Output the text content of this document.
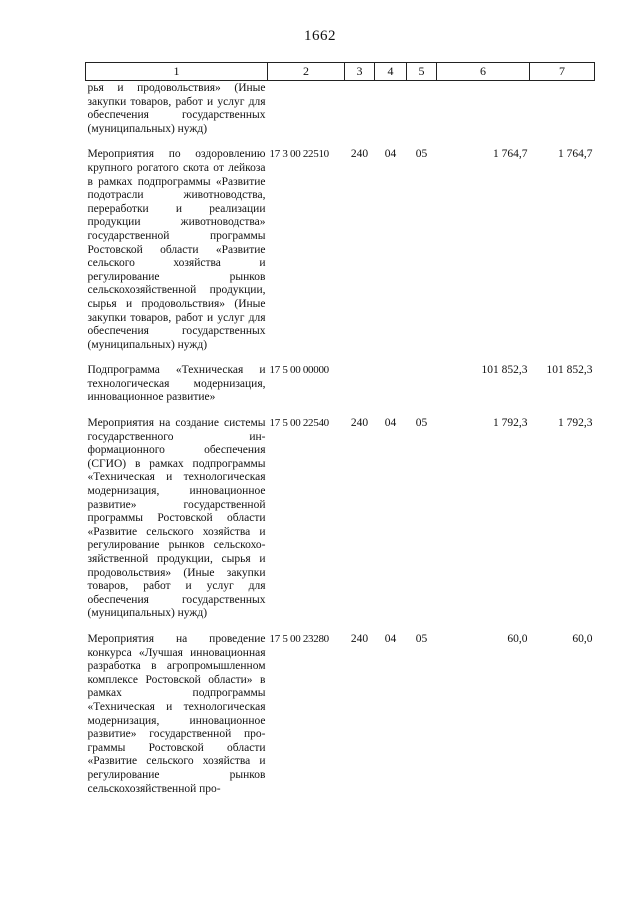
1662
1	2	3	4	5	6	7
рья и продовольствия» (Иные закупки товаров, работ и услуг для обеспечения государственных (муниципальных) нужд)						

Мероприятия по оздоровлению крупного рогатого скота от лейкоза в рамках подпрограммы «Развитие подотрасли животноводства, переработки и реализации продукции животноводства» государственной программы Ростовской области «Развитие сельского хозяйства и регулирование рынков сельскохозяйственной продукции, сырья и продовольствия» (Иные закупки товаров, работ и услуг для обеспечения государственных (муниципальных) нужд)	17 3 00 22510	240	04	05	1 764,7	1 764,7

Подпрограмма «Техническая и технологическая модернизация, инновационное развитие»	17 5 00 00000				101 852,3	101 852,3

Мероприятия на создание системы государственного информационного обеспечения (СГИО) в рамках подпрограммы «Техническая и технологическая модернизация, инновационное развитие» государственной программы Ростовской области «Развитие сельского хозяйства и регулирование рынков сельскохозяйственной продукции, сырья и продовольствия» (Иные закупки товаров, работ и услуг для обеспечения государственных (муниципальных) нужд)	17 5 00 22540	240	04	05	1 792,3	1 792,3

Мероприятия на проведение конкурса «Лучшая инновационная разработка в агропромышленном комплексе Ростовской области» в рамках подпрограммы «Техническая и технологическая модернизация, инновационное развитие» государственной программы Ростовской области «Развитие сельского хозяйства и регулирование рынков сельскохозяйственной про-	17 5 00 23280	240	04	05	60,0	60,0
